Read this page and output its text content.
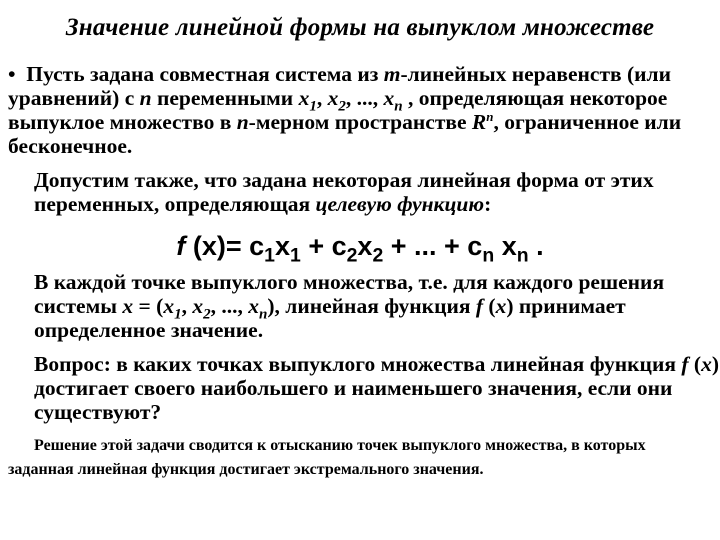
Значение линейной формы на выпуклом множестве
• Пусть задана совместная система из m-линейных неравенств (или уравнений) с n переменными $x_1$, $x_2$, ..., $x_n$ , определяющая некоторое выпуклое множество в n-мерном пространстве $R^n$, ограниченное или бесконечное.
Допустим также, что задана некоторая линейная форма от этих переменных, определяющая целевую функцию:
f $(x)= c_1x_1 + c_2x_2$ + ... + $c_n$ $x_n$ .
В каждой точке выпуклого множества, т.е. для каждого решения системы $x = (x_1$, $x_2$, ..., $x_n$), линейная функция f (x) принимает определенное значение.
Вопрос: в каких точках выпуклого множества линейная функция f (x) достигает своего наибольшего и наименьшего значения, если они существуют?
Решение этой задачи сводится к отысканию точек выпуклого множества, в которых заданная линейная функция достигает экстремального значения.
